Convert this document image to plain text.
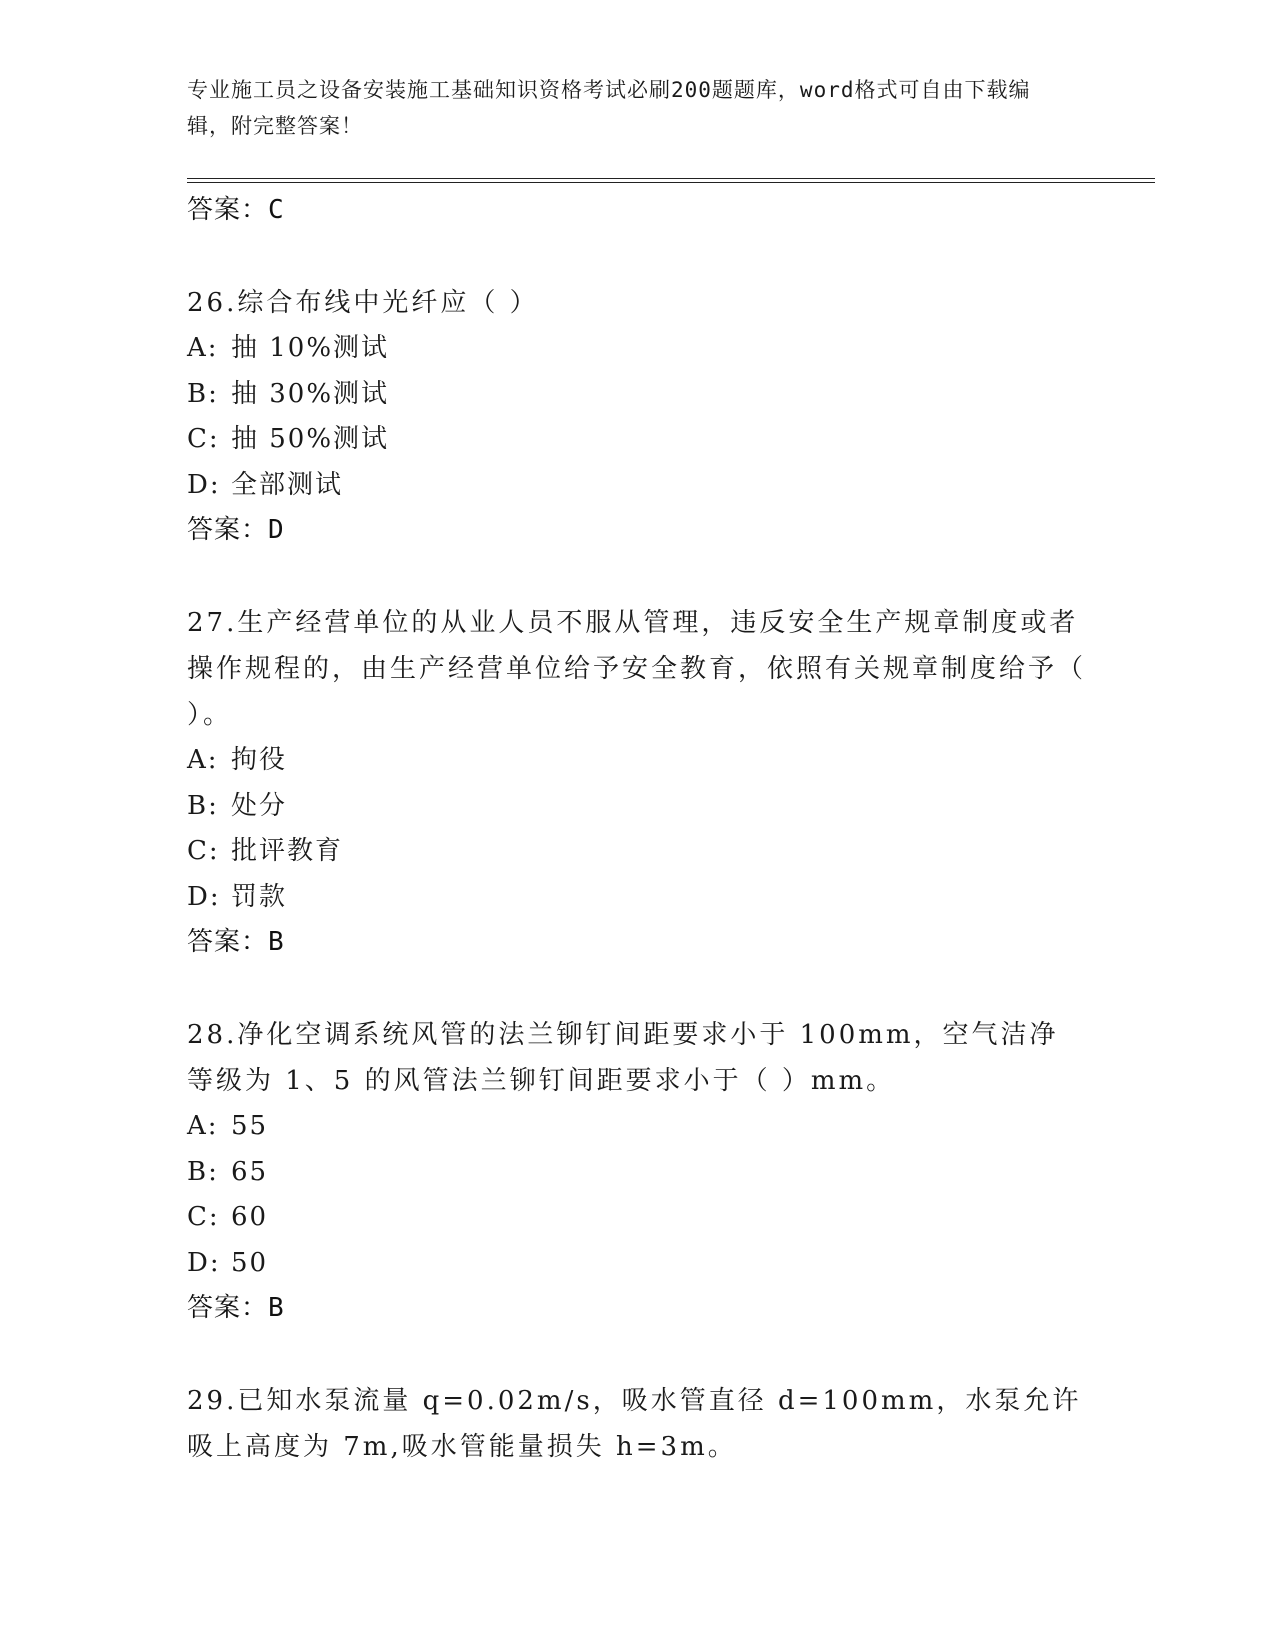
专业施工员之设备安装施工基础知识资格考试必刷200题题库，word格式可自由下载编辑，附完整答案！
答案：C
26.综合布线中光纤应（ ）
A: 抽 10%测试
B: 抽 30%测试
C: 抽 50%测试
D: 全部测试
答案：D
27.生产经营单位的从业人员不服从管理，违反安全生产规章制度或者操作规程的，由生产经营单位给予安全教育，依照有关规章制度给予（ ）。
A: 拘役
B: 处分
C: 批评教育
D: 罚款
答案：B
28.净化空调系统风管的法兰铆钉间距要求小于 100mm，空气洁净等级为 1、5 的风管法兰铆钉间距要求小于（ ）mm。
A: 55
B: 65
C: 60
D: 50
答案：B
29.已知水泵流量 q=0.02m/s，吸水管直径 d=100mm，水泵允许吸上高度为 7m,吸水管能量损失 h=3m。
